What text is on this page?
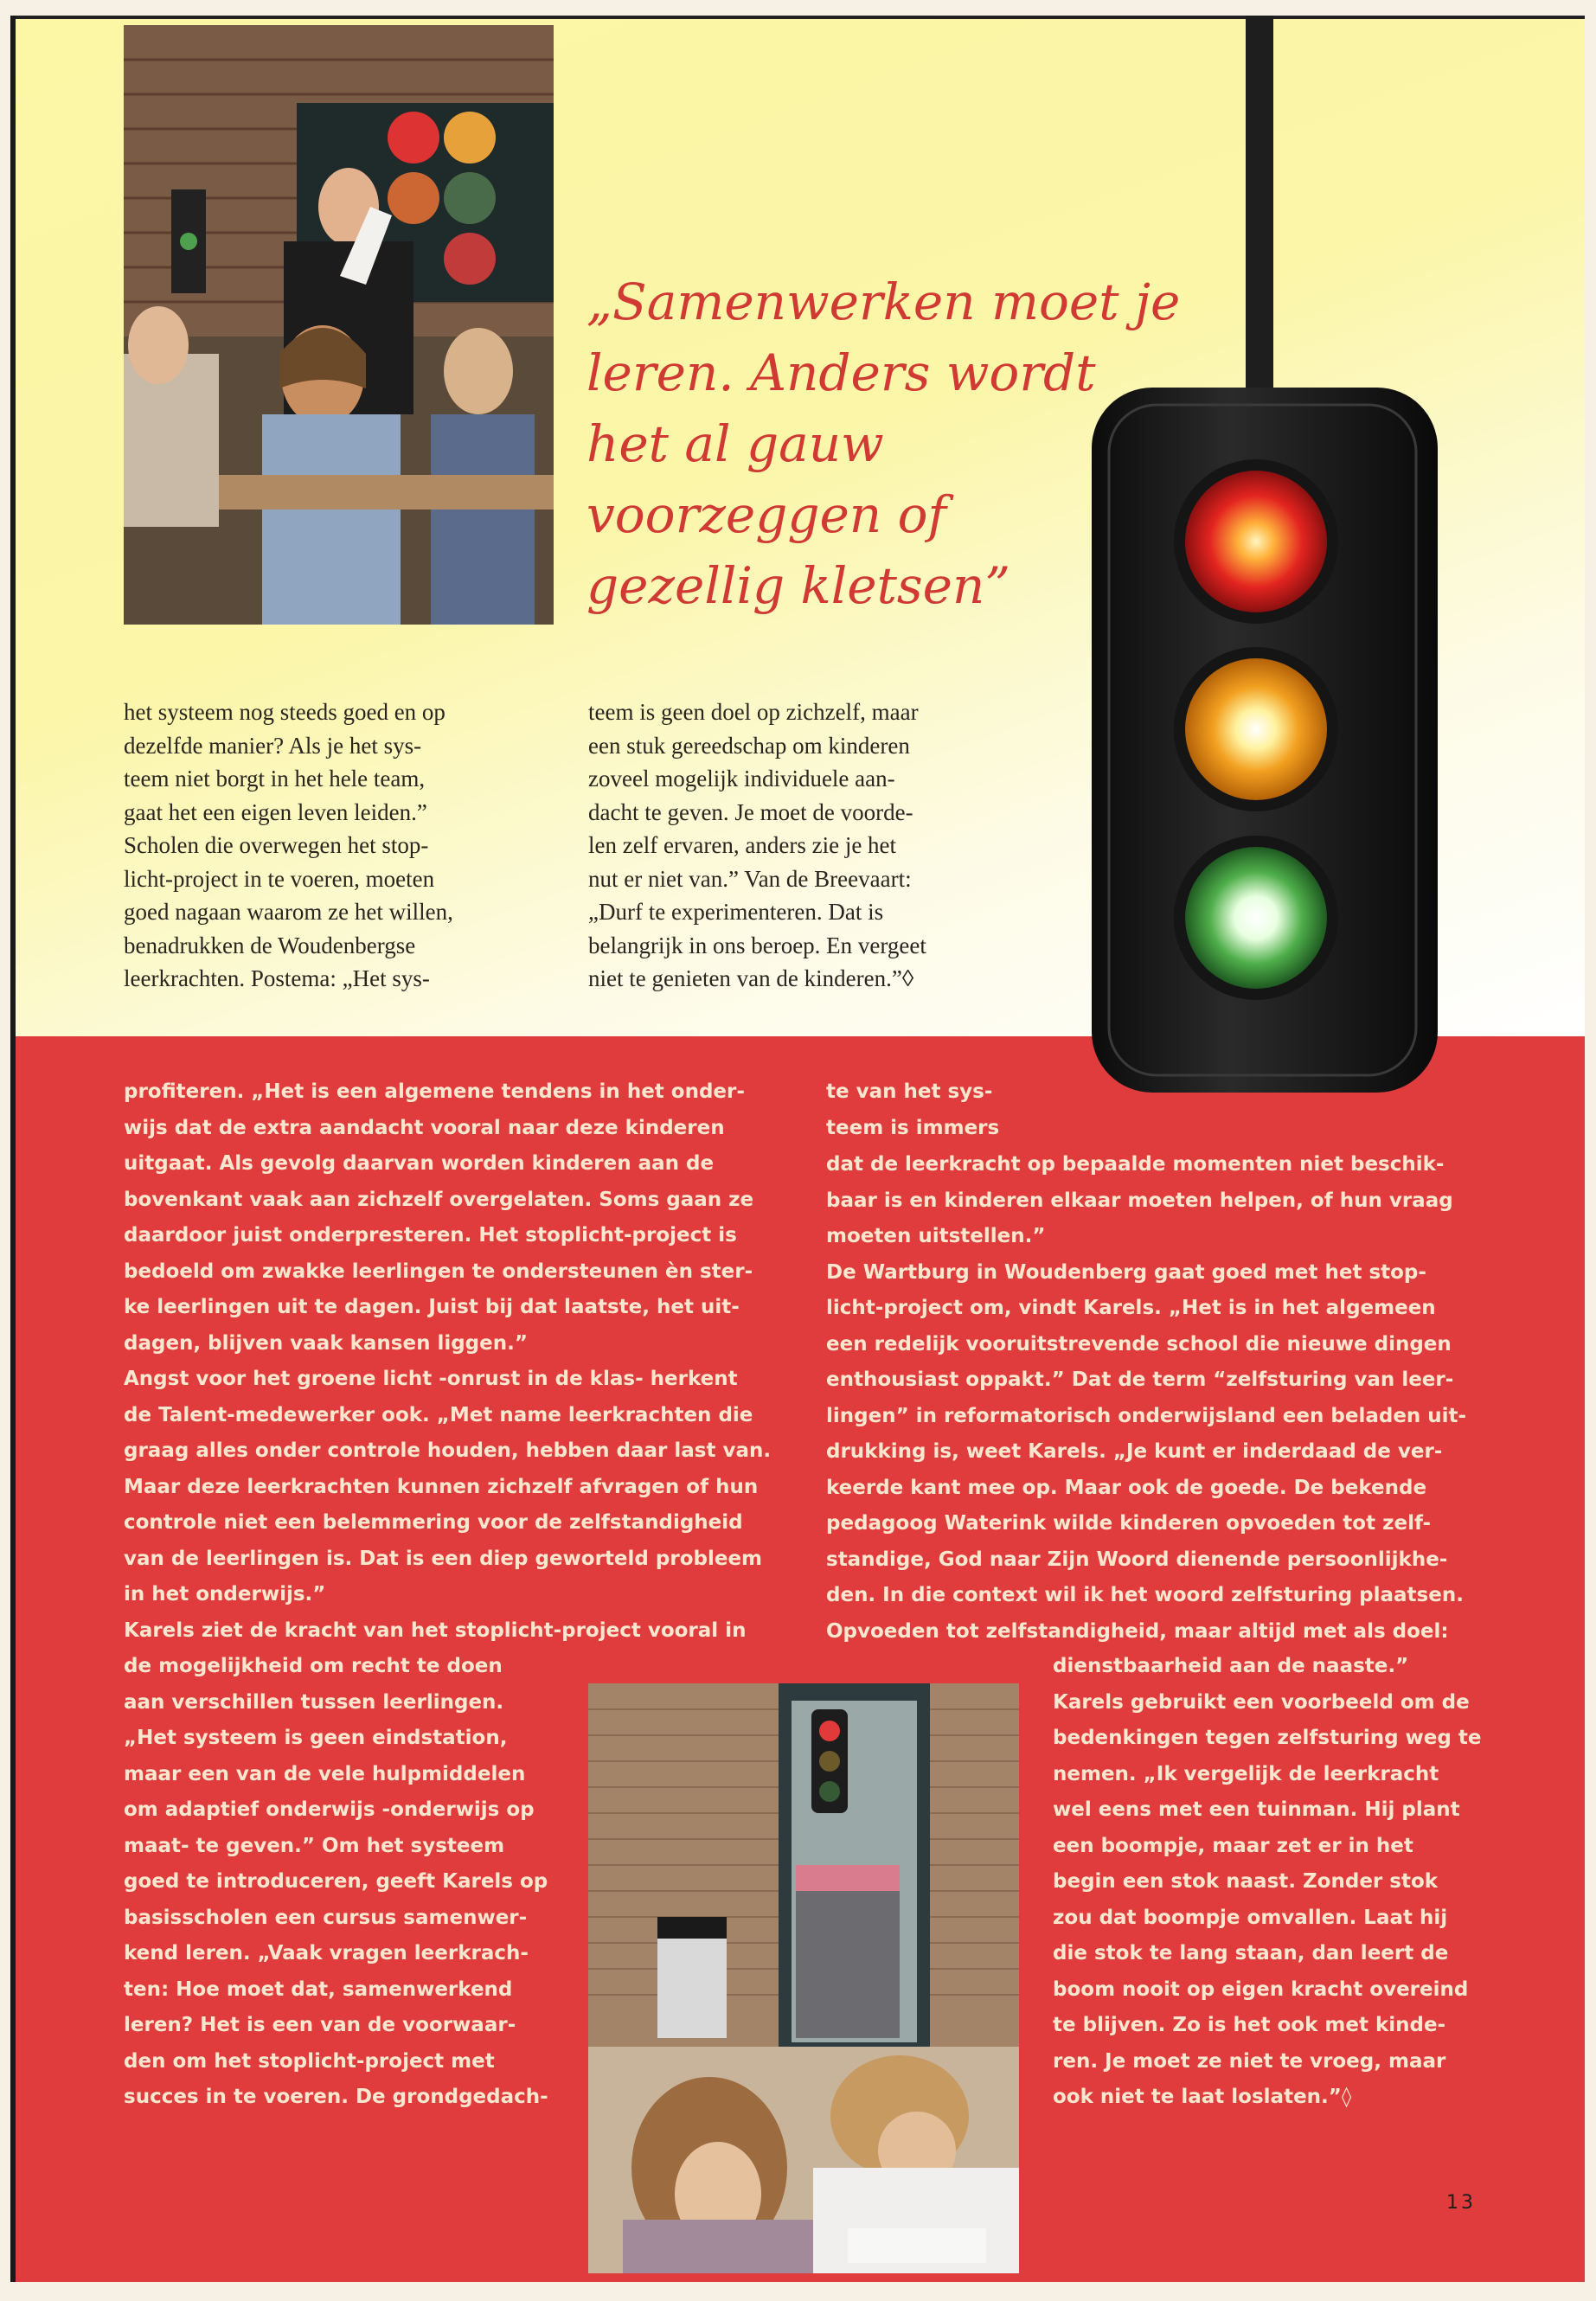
„Samenwerken moet je
leren. Anders wordt
het al gauw
voorzeggen of
gezellig kletsen”
het systeem nog steeds goed en op
dezelfde manier? Als je het sys-
teem niet borgt in het hele team,
gaat het een eigen leven leiden.”
Scholen die overwegen het stop-
licht-project in te voeren, moeten
goed nagaan waarom ze het willen,
benadrukken de Woudenbergse
leerkrachten. Postema: „Het sys-
teem is geen doel op zichzelf, maar
een stuk gereedschap om kinderen
zoveel mogelijk individuele aan-
dacht te geven. Je moet de voorde-
len zelf ervaren, anders zie je het
nut er niet van.” Van de Breevaart:
„Durf te experimenteren. Dat is
belangrijk in ons beroep. En vergeet
niet te genieten van de kinderen.”◊
profiteren. „Het is een algemene tendens in het onder-
wijs dat de extra aandacht vooral naar deze kinderen
uitgaat. Als gevolg daarvan worden kinderen aan de
bovenkant vaak aan zichzelf overgelaten. Soms gaan ze
daardoor juist onderpresteren. Het stoplicht-project is
bedoeld om zwakke leerlingen te ondersteunen èn ster-
ke leerlingen uit te dagen. Juist bij dat laatste, het uit-
dagen, blijven vaak kansen liggen.”
Angst voor het groene licht -onrust in de klas- herkent
de Talent-medewerker ook. „Met name leerkrachten die
graag alles onder controle houden, hebben daar last van.
Maar deze leerkrachten kunnen zichzelf afvragen of hun
controle niet een belemmering voor de zelfstandigheid
van de leerlingen is. Dat is een diep geworteld probleem
in het onderwijs.”
Karels ziet de kracht van het stoplicht-project vooral in
de mogelijkheid om recht te doen
aan verschillen tussen leerlingen.
„Het systeem is geen eindstation,
maar een van de vele hulpmiddelen
om adaptief onderwijs -onderwijs op
maat- te geven.” Om het systeem
goed te introduceren, geeft Karels op
basisscholen een cursus samenwer-
kend leren. „Vaak vragen leerkrach-
ten: Hoe moet dat, samenwerkend
leren? Het is een van de voorwaar-
den om het stoplicht-project met
succes in te voeren. De grondgedach-
te van het sys-
teem is immers
dat de leerkracht op bepaalde momenten niet beschik-
baar is en kinderen elkaar moeten helpen, of hun vraag
moeten uitstellen.”
De Wartburg in Woudenberg gaat goed met het stop-
licht-project om, vindt Karels. „Het is in het algemeen
een redelijk vooruitstrevende school die nieuwe dingen
enthousiast oppakt.” Dat de term “zelfsturing van leer-
lingen” in reformatorisch onderwijsland een beladen uit-
drukking is, weet Karels. „Je kunt er inderdaad de ver-
keerde kant mee op. Maar ook de goede. De bekende
pedagoog Waterink wilde kinderen opvoeden tot zelf-
standige, God naar Zijn Woord dienende persoonlijkhe-
den. In die context wil ik het woord zelfsturing plaatsen.
Opvoeden tot zelfstandigheid, maar altijd met als doel:
dienstbaarheid aan de naaste.”
Karels gebruikt een voorbeeld om de
bedenkingen tegen zelfsturing weg te
nemen. „Ik vergelijk de leerkracht
wel eens met een tuinman. Hij plant
een boompje, maar zet er in het
begin een stok naast. Zonder stok
zou dat boompje omvallen. Laat hij
die stok te lang staan, dan leert de
boom nooit op eigen kracht overeind
te blijven. Zo is het ook met kinde-
ren. Je moet ze niet te vroeg, maar
ook niet te laat loslaten.”◊
13
